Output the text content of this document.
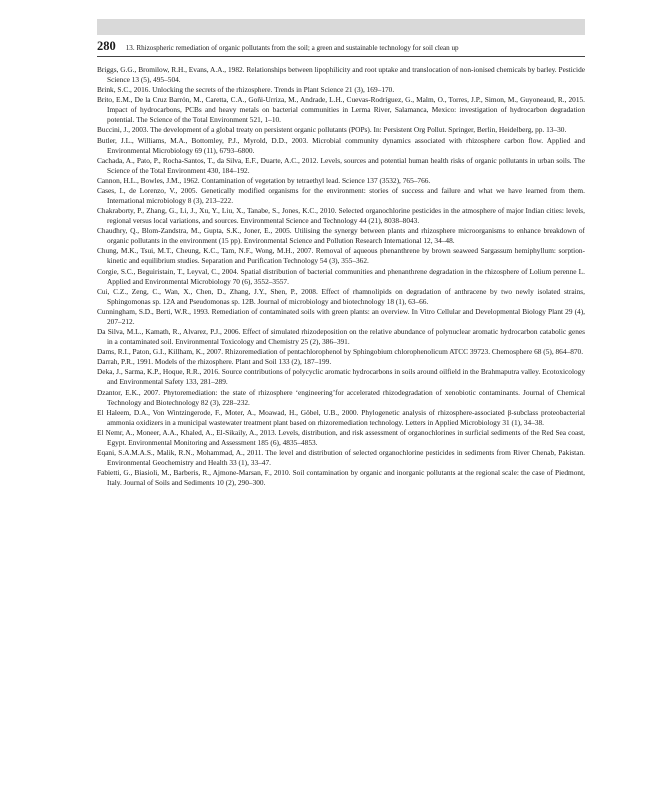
280 13. Rhizospheric remediation of organic pollutants from the soil; a green and sustainable technology for soil clean up

Briggs, G.G., Bromilow, R.H., Evans, A.A., 1982. Relationships between lipophilicity and root uptake and translocation of non-ionised chemicals by barley. Pesticide Science 13 (5), 495–504.

Brink, S.C., 2016. Unlocking the secrets of the rhizosphere. Trends in Plant Science 21 (3), 169–170.

Brito, E.M., De la Cruz Barrón, M., Caretta, C.A., Goñi-Urriza, M., Andrade, L.H., Cuevas-Rodríguez, G., Malm, O., Torres, J.P., Simon, M., Guyoneaud, R., 2015. Impact of hydrocarbons, PCBs and heavy metals on bacterial communities in Lerma River, Salamanca, Mexico: investigation of hydrocarbon degradation potential. The Science of the Total Environment 521, 1–10.

Buccini, J., 2003. The development of a global treaty on persistent organic pollutants (POPs). In: Persistent Org Pollut. Springer, Berlin, Heidelberg, pp. 13–30.

Butler, J.L., Williams, M.A., Bottomley, P.J., Myrold, D.D., 2003. Microbial community dynamics associated with rhizosphere carbon flow. Applied and Environmental Microbiology 69 (11), 6793–6800.

Cachada, A., Pato, P., Rocha-Santos, T., da Silva, E.F., Duarte, A.C., 2012. Levels, sources and potential human health risks of organic pollutants in urban soils. The Science of the Total Environment 430, 184–192.

Cannon, H.L., Bowles, J.M., 1962. Contamination of vegetation by tetraethyl lead. Science 137 (3532), 765–766.

Cases, I., de Lorenzo, V., 2005. Genetically modified organisms for the environment: stories of success and failure and what we have learned from them. International microbiology 8 (3), 213–222.

Chakraborty, P., Zhang, G., Li, J., Xu, Y., Liu, X., Tanabe, S., Jones, K.C., 2010. Selected organochlorine pesticides in the atmosphere of major Indian cities: levels, regional versus local variations, and sources. Environmental Science and Technology 44 (21), 8038–8043.

Chaudhry, Q., Blom-Zandstra, M., Gupta, S.K., Joner, E., 2005. Utilising the synergy between plants and rhizosphere microorganisms to enhance breakdown of organic pollutants in the environment (15 pp). Environmental Science and Pollution Research International 12, 34–48.

Chung, M.K., Tsui, M.T., Cheung, K.C., Tam, N.F., Wong, M.H., 2007. Removal of aqueous phenanthrene by brown seaweed Sargassum hemiphyllum: sorption-kinetic and equilibrium studies. Separation and Purification Technology 54 (3), 355–362.

Corgie, S.C., Beguiristain, T., Leyval, C., 2004. Spatial distribution of bacterial communities and phenanthrene degradation in the rhizosphere of Lolium perenne L. Applied and Environmental Microbiology 70 (6), 3552–3557.

Cui, C.Z., Zeng, C., Wan, X., Chen, D., Zhang, J.Y., Shen, P., 2008. Effect of rhamnolipids on degradation of anthracene by two newly isolated strains, Sphingomonas sp. 12A and Pseudomonas sp. 12B. Journal of microbiology and biotechnology 18 (1), 63–66.

Cunningham, S.D., Berti, W.R., 1993. Remediation of contaminated soils with green plants: an overview. In Vitro Cellular and Developmental Biology Plant 29 (4), 207–212.

Da Silva, M.L., Kamath, R., Alvarez, P.J., 2006. Effect of simulated rhizodeposition on the relative abundance of polynuclear aromatic hydrocarbon catabolic genes in a contaminated soil. Environmental Toxicology and Chemistry 25 (2), 386–391.

Dams, R.I., Paton, G.I., Killham, K., 2007. Rhizoremediation of pentachlorophenol by Sphingobium chlorophenolicum ATCC 39723. Chemosphere 68 (5), 864–870.

Darrah, P.R., 1991. Models of the rhizosphere. Plant and Soil 133 (2), 187–199.

Deka, J., Sarma, K.P., Hoque, R.R., 2016. Source contributions of polycyclic aromatic hydrocarbons in soils around oilfield in the Brahmaputra valley. Ecotoxicology and Environmental Safety 133, 281–289.

Dzantor, E.K., 2007. Phytoremediation: the state of rhizosphere ‘engineering’for accelerated rhizodegradation of xenobiotic contaminants. Journal of Chemical Technology and Biotechnology 82 (3), 228–232.

El Haleem, D.A., Von Wintzingerode, F., Moter, A., Moawad, H., Göbel, U.B., 2000. Phylogenetic analysis of rhizosphere-associated β-subclass proteobacterial ammonia oxidizers in a municipal wastewater treatment plant based on rhizoremediation technology. Letters in Applied Microbiology 31 (1), 34–38.

El Nemr, A., Moneer, A.A., Khaled, A., El-Sikaily, A., 2013. Levels, distribution, and risk assessment of organochlorines in surficial sediments of the Red Sea coast, Egypt. Environmental Monitoring and Assessment 185 (6), 4835–4853.

Eqani, S.A.M.A.S., Malik, R.N., Mohammad, A., 2011. The level and distribution of selected organochlorine pesticides in sediments from River Chenab, Pakistan. Environmental Geochemistry and Health 33 (1), 33–47.

Fabietti, G., Biasioli, M., Barberis, R., Ajmone-Marsan, F., 2010. Soil contamination by organic and inorganic pollutants at the regional scale: the case of Piedmont, Italy. Journal of Soils and Sediments 10 (2), 290–300.
